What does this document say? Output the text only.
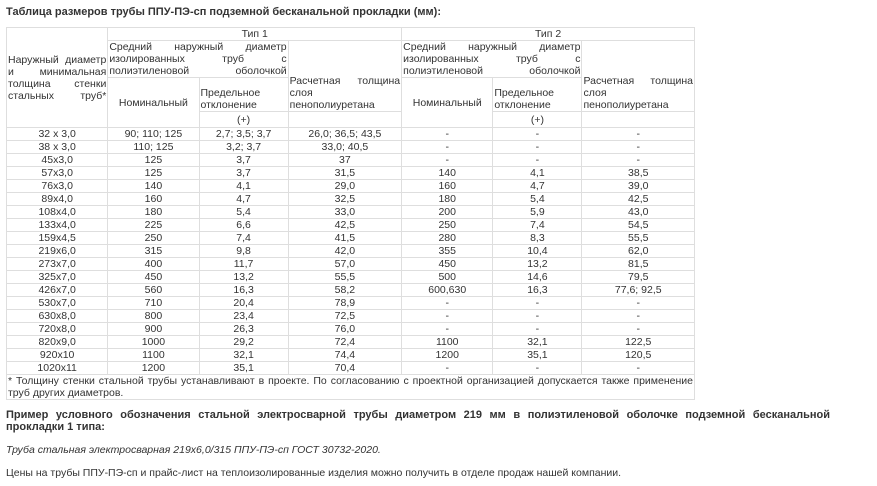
Таблица размеров трубы ППУ-ПЭ-сп подземной бесканальной прокладки (мм):
Наружный диаметр и минимальная толщина стенки стальных труб*	Тип 1			Тип 2		
	Средний наружный диаметр изолированных труб с полиэтиленовой оболочкой		Расчетная толщина слоя пенополиуретана	Средний наружный диаметр изолированных труб с полиэтиленовой оболочкой		Расчетная толщина слоя пенополиуретана
	Номинальный	Предельное отклонение		Номинальный	Предельное отклонение	
		(+)			(+)	
32 х 3,0	90; 110; 125	2,7; 3,5; 3,7	26,0; 36,5; 43,5	-	-	-
38 х 3,0	110; 125	3,2; 3,7	33,0; 40,5	-	-	-
45х3,0	125	3,7	37	-	-	-
57х3,0	125	3,7	31,5	140	4,1	38,5
76х3,0	140	4,1	29,0	160	4,7	39,0
89х4,0	160	4,7	32,5	180	5,4	42,5
108х4,0	180	5,4	33,0	200	5,9	43,0
133х4,0	225	6,6	42,5	250	7,4	54,5
159х4,5	250	7,4	41,5	280	8,3	55,5
219х6,0	315	9,8	42,0	355	10,4	62,0
273х7,0	400	11,7	57,0	450	13,2	81,5
325х7,0	450	13,2	55,5	500	14,6	79,5
426х7,0	560	16,3	58,2	600,630	16,3	77,6; 92,5
530х7,0	710	20,4	78,9	-	-	-
630х8,0	800	23,4	72,5	-	-	-
720х8,0	900	26,3	76,0	-	-	-
820х9,0	1000	29,2	72,4	1100	32,1	122,5
920х10	1100	32,1	74,4	1200	35,1	120,5
1020х11	1200	35,1	70,4	-	-	-
* Толщину стенки стальной трубы устанавливают в проекте. По согласованию с проектной организацией допускается также применение труб других диаметров.						
Пример условного обозначения стальной электросварной трубы диаметром 219 мм в полиэтиленовой оболочке подземной бесканальной прокладки 1 типа:
Труба стальная электросварная 219х6,0/315 ППУ-ПЭ-сп ГОСТ 30732-2020.
Цены на трубы ППУ-ПЭ-сп и прайс-лист на теплоизолированные изделия можно получить в отделе продаж нашей компании.
